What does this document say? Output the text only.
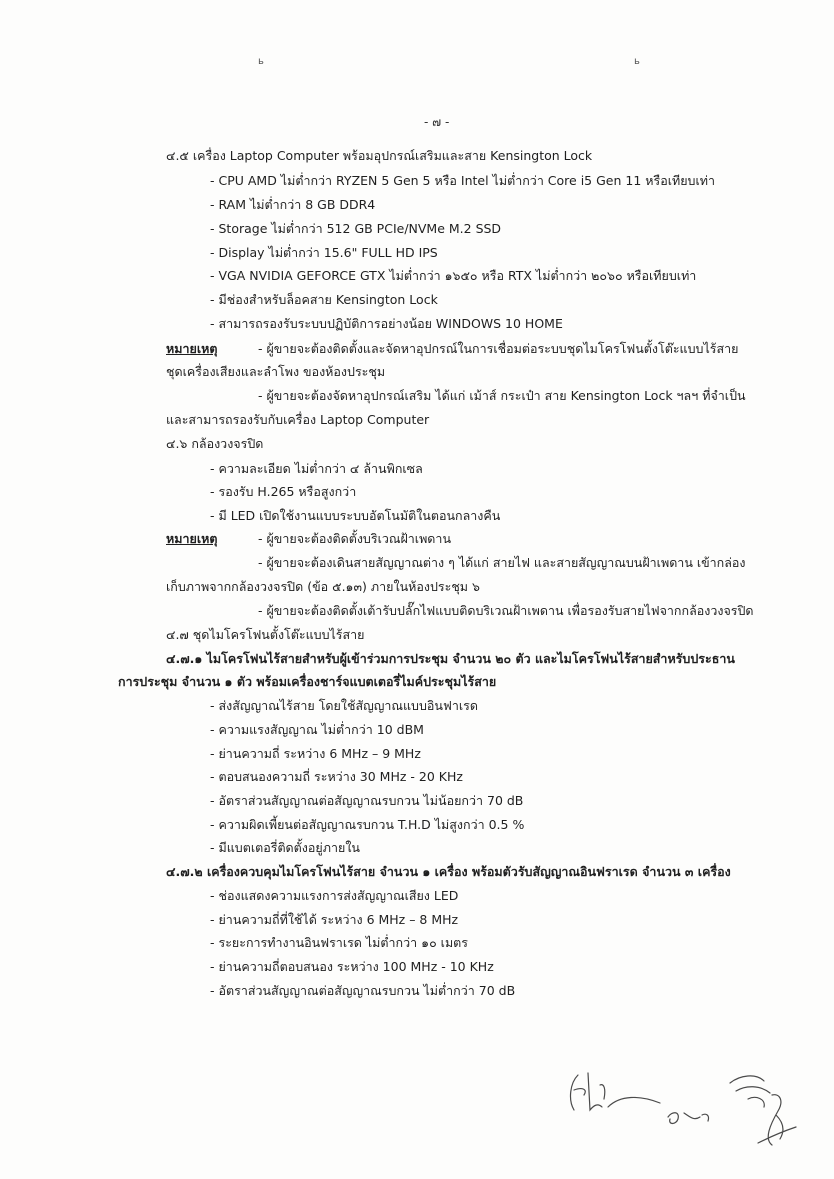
ь	ь
- ๗ -
๔.๕ เครื่อง Laptop Computer พร้อมอุปกรณ์เสริมและสาย Kensington Lock
- CPU AMD ไม่ต่ำกว่า RYZEN 5 Gen 5 หรือ Intel ไม่ต่ำกว่า Core i5 Gen 11 หรือเทียบเท่า
- RAM ไม่ต่ำกว่า 8 GB DDR4
- Storage ไม่ต่ำกว่า 512 GB PCIe/NVMe M.2 SSD
- Display ไม่ต่ำกว่า 15.6" FULL HD IPS
- VGA NVIDIA GEFORCE GTX ไม่ต่ำกว่า ๑๖๕๐ หรือ RTX ไม่ต่ำกว่า ๒๐๖๐ หรือเทียบเท่า
- มีช่องสำหรับล็อคสาย Kensington Lock
- สามารถรองรับระบบปฏิบัติการอย่างน้อย WINDOWS 10 HOME
หมายเหตุ	- ผู้ขายจะต้องติดตั้งและจัดหาอุปกรณ์ในการเชื่อมต่อระบบชุดไมโครโฟนตั้งโต๊ะแบบไร้สาย
ชุดเครื่องเสียงและลำโพง ของห้องประชุม
- ผู้ขายจะต้องจัดหาอุปกรณ์เสริม ได้แก่ เม้าส์ กระเป๋า สาย Kensington Lock ฯลฯ ที่จำเป็น
และสามารถรองรับกับเครื่อง Laptop Computer
๔.๖ กล้องวงจรปิด
- ความละเอียด ไม่ต่ำกว่า ๔ ล้านพิกเซล
- รองรับ H.265 หรือสูงกว่า
- มี LED เปิดใช้งานแบบระบบอัตโนมัติในตอนกลางคืน
หมายเหตุ	- ผู้ขายจะต้องติดตั้งบริเวณฝ้าเพดาน
- ผู้ขายจะต้องเดินสายสัญญาณต่าง ๆ ได้แก่ สายไฟ และสายสัญญาณบนฝ้าเพดาน เข้ากล่อง
เก็บภาพจากกล้องวงจรปิด (ข้อ ๕.๑๓) ภายในห้องประชุม ๖
- ผู้ขายจะต้องติดตั้งเต้ารับปลั๊กไฟแบบติดบริเวณฝ้าเพดาน เพื่อรองรับสายไฟจากกล้องวงจรปิด
๔.๗ ชุดไมโครโฟนตั้งโต๊ะแบบไร้สาย
๔.๗.๑ ไมโครโฟนไร้สายสำหรับผู้เข้าร่วมการประชุม จำนวน ๒๐ ตัว และไมโครโฟนไร้สายสำหรับประธาน
การประชุม จำนวน ๑ ตัว พร้อมเครื่องชาร์จแบตเตอรี่ไมค์ประชุมไร้สาย
- ส่งสัญญาณไร้สาย โดยใช้สัญญาณแบบอินฟาเรด
- ความแรงสัญญาณ ไม่ต่ำกว่า 10 dBM
- ย่านความถี่ ระหว่าง 6 MHz – 9 MHz
- ตอบสนองความถี่ ระหว่าง 30 MHz - 20 KHz
- อัตราส่วนสัญญาณต่อสัญญาณรบกวน ไม่น้อยกว่า 70 dB
- ความผิดเพี้ยนต่อสัญญาณรบกวน T.H.D ไม่สูงกว่า 0.5 %
- มีแบตเตอรี่ติดตั้งอยู่ภายใน
๔.๗.๒ เครื่องควบคุมไมโครโฟนไร้สาย จำนวน ๑ เครื่อง พร้อมตัวรับสัญญาณอินฟราเรด จำนวน ๓ เครื่อง
- ช่องแสดงความแรงการส่งสัญญาณเสียง LED
- ย่านความถี่ที่ใช้ได้ ระหว่าง 6 MHz – 8 MHz
- ระยะการทำงานอินฟราเรด ไม่ต่ำกว่า ๑๐ เมตร
- ย่านความถี่ตอบสนอง ระหว่าง 100 MHz - 10 KHz
- อัตราส่วนสัญญาณต่อสัญญาณรบกวน ไม่ต่ำกว่า 70 dB
